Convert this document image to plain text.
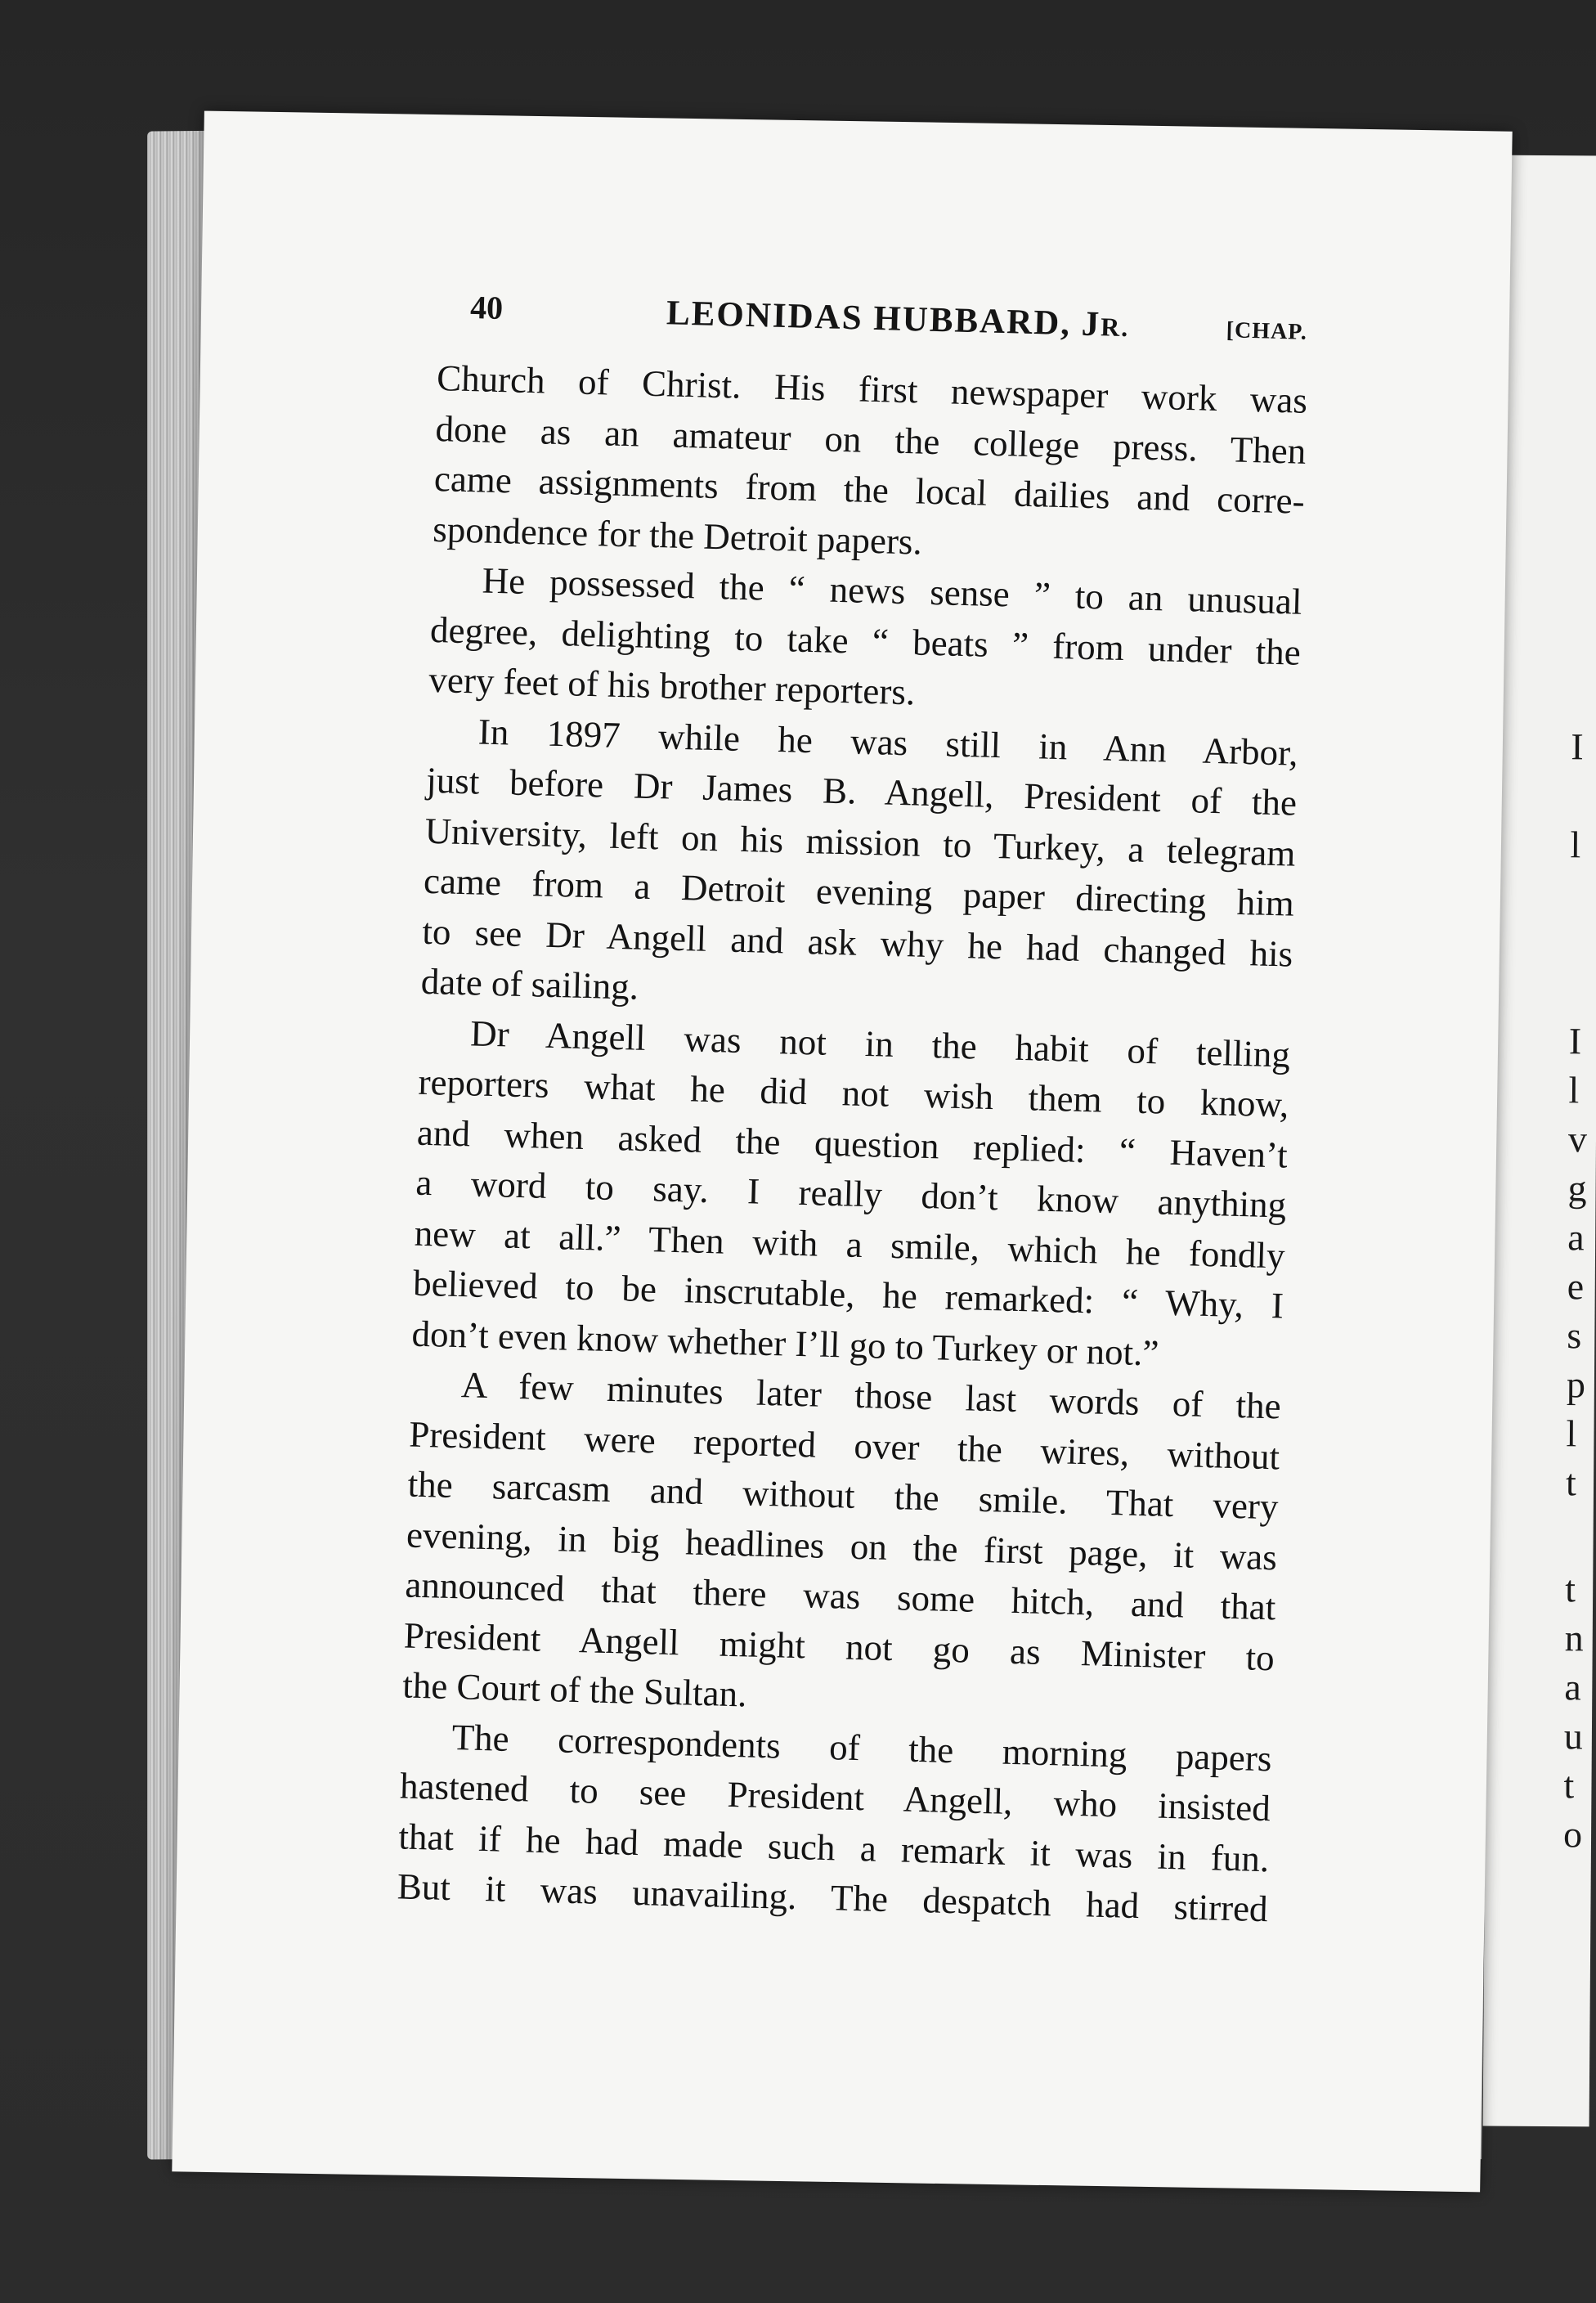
I
l
I
l
v
g
a
e
s
p
l
t
t
n
a
u
t
o
40	LEONIDAS HUBBARD, JR.	[CHAP.
Church of Christ. His first newspaper work was
done as an amateur on the college press. Then
came assignments from the local dailies and corre-
spondence for the Detroit papers.
He possessed the “ news sense ” to an unusual
degree, delighting to take “ beats ” from under the
very feet of his brother reporters.
In 1897 while he was still in Ann Arbor,
just before Dr James B. Angell, President of the
University, left on his mission to Turkey, a telegram
came from a Detroit evening paper directing him
to see Dr Angell and ask why he had changed his
date of sailing.
Dr Angell was not in the habit of telling
reporters what he did not wish them to know,
and when asked the question replied: “ Haven’t
a word to say. I really don’t know anything
new at all.” Then with a smile, which he fondly
believed to be inscrutable, he remarked: “ Why, I
don’t even know whether I’ll go to Turkey or not.”
A few minutes later those last words of the
President were reported over the wires, without
the sarcasm and without the smile. That very
evening, in big headlines on the first page, it was
announced that there was some hitch, and that
President Angell might not go as Minister to
the Court of the Sultan.
The correspondents of the morning papers
hastened to see President Angell, who insisted
that if he had made such a remark it was in fun.
But it was unavailing. The despatch had stirred
